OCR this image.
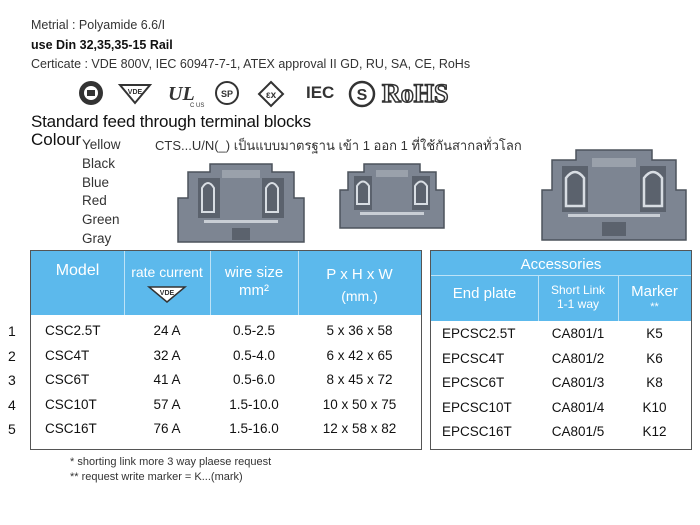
Metrial : Polyamide 6.6/I
use Din 32,35,35-15 Rail
Certicate : VDE 800V, IEC 60947-7-1, ATEX approval II GD, RU, SA, CE, RoHs
VDE UL
C US
SP	εx IEC S RoHS
Standard feed through terminal blocks
Colour	CTS...U/N(_) เป็นแบบมาตรฐาน เข้า 1 ออก 1 ที่ใช้กันสากลทั่วโลก
Yellow
Black
Blue
Red
Green
Gray
Model	rate current
VDE
wire size
mm²
P x H x W
(mm.)
1 CSC2.5T	24 A	0.5-2.5	5 x 36 x 58
2 CSC4T	32 A	0.5-4.0	6 x 42 x 65
3 CSC6T	41 A	0.5-6.0	8 x 45 x 72
4 CSC10T	57 A	1.5-10.0	10 x 50 x 75
5 CSC16T	76 A	1.5-16.0	12 x 58 x 82
Accessories
End plate	Short Link
1-1 way
Marker
**
EPCSC2.5T	CA801/1	K5
EPCSC4T	CA801/2	K6
EPCSC6T	CA801/3	K8
EPCSC10T	CA801/4	K10
EPCSC16T	CA801/5	K12
* shorting link more 3 way plaese request
** request write marker = K...(mark)
